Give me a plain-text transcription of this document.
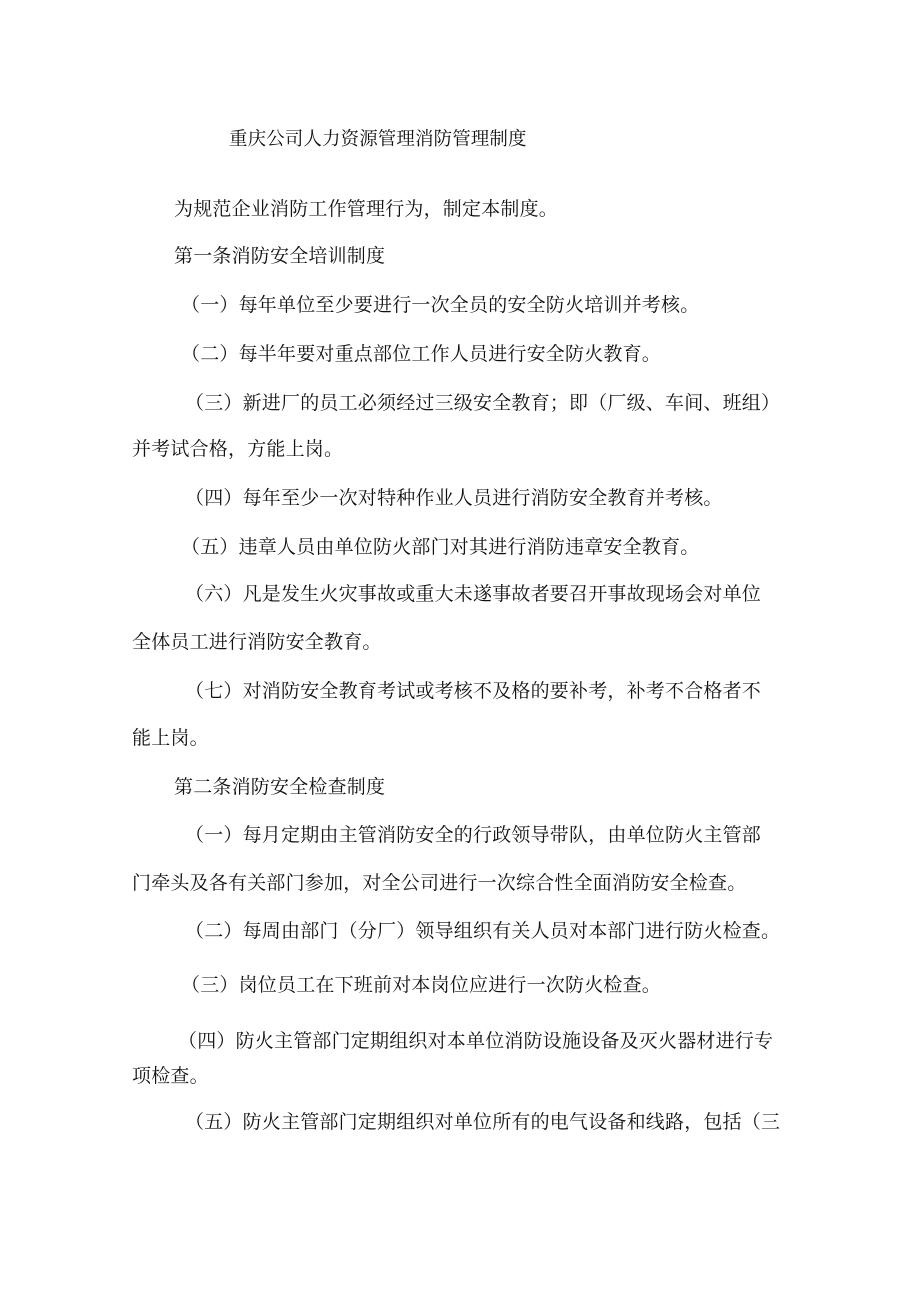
重庆公司人力资源管理消防管理制度
为规范企业消防工作管理行为，制定本制度。
第一条消防安全培训制度
（一）每年单位至少要进行一次全员的安全防火培训并考核。
（二）每半年要对重点部位工作人员进行安全防火教育。
（三）新进厂的员工必须经过三级安全教育；即（厂级、车间、班组）
并考试合格，方能上岗。
（四）每年至少一次对特种作业人员进行消防安全教育并考核。
（五）违章人员由单位防火部门对其进行消防违章安全教育。
（六）凡是发生火灾事故或重大未遂事故者要召开事故现场会对单位
全体员工进行消防安全教育。
（七）对消防安全教育考试或考核不及格的要补考，补考不合格者不
能上岗。
第二条消防安全检查制度
（一）每月定期由主管消防安全的行政领导带队，由单位防火主管部
门牵头及各有关部门参加，对全公司进行一次综合性全面消防安全检查。
（二）每周由部门（分厂）领导组织有关人员对本部门进行防火检查。
（三）岗位员工在下班前对本岗位应进行一次防火检查。
（四）防火主管部门定期组织对本单位消防设施设备及灭火器材进行专
项检查。
（五）防火主管部门定期组织对单位所有的电气设备和线路，包括（三
